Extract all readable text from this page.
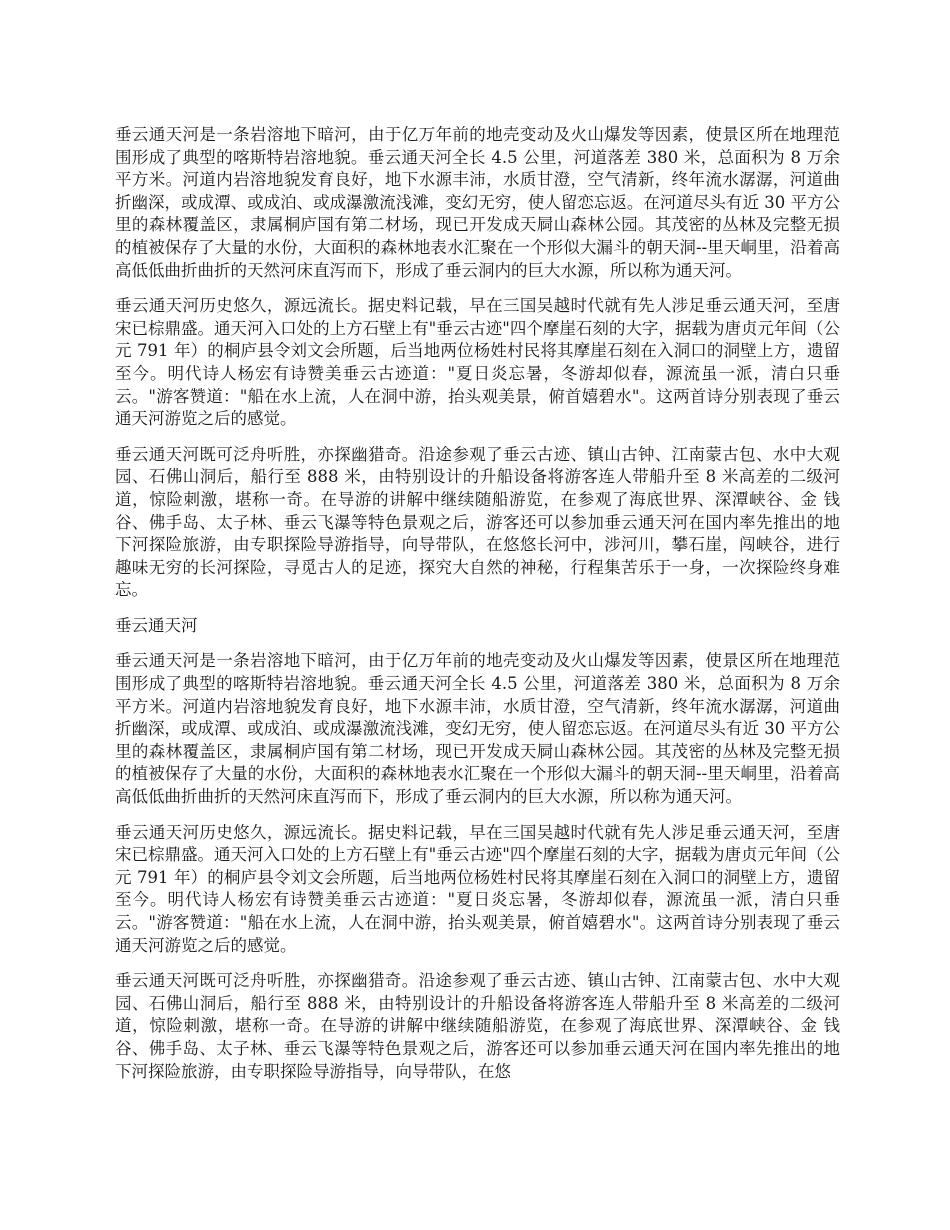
垂云通天河是一条岩溶地下暗河，由于亿万年前的地壳变动及火山爆发等因素，使景区所在地理范围形成了典型的喀斯特岩溶地貌。垂云通天河全长 4.5 公里，河道落差 380 米，总面积为 8 万余平方米。河道内岩溶地貌发育良好，地下水源丰沛，水质甘澄，空气清新，终年流水潺潺，河道曲折幽深，或成潭、或成泊、或成瀑激流浅滩，变幻无穷，使人留恋忘返。在河道尽头有近 30 平方公里的森林覆盖区，隶属桐庐国有第二材场，现已开发成天屙山森林公园。其茂密的丛林及完整无损的植被保存了大量的水份，大面积的森林地表水汇聚在一个形似大漏斗的朝天洞--里天峒里，沿着高高低低曲折曲折的天然河床直泻而下，形成了垂云洞内的巨大水源，所以称为通天河。

垂云通天河历史悠久，源远流长。据史料记载，早在三国吴越时代就有先人涉足垂云通天河，至唐宋已棕鼎盛。通天河入口处的上方石壁上有"垂云古迹"四个摩崖石刻的大字，据载为唐贞元年间（公元 791 年）的桐庐县令刘文会所题，后当地两位杨姓村民将其摩崖石刻在入洞口的洞壁上方，遗留至今。明代诗人杨宏有诗赞美垂云古迹道："夏日炎忘暑，冬游却似春，源流虽一派，清白只垂云。"游客赞道："船在水上流，人在洞中游，抬头观美景，俯首嬉碧水"。这两首诗分别表现了垂云通天河游览之后的感觉。

垂云通天河既可泛舟听胜，亦探幽猎奇。沿途参观了垂云古迹、镇山古钟、江南蒙古包、水中大观园、石佛山洞后，船行至 888 米，由特别设计的升船设备将游客连人带船升至 8 米高差的二级河道，惊险刺激，堪称一奇。在导游的讲解中继续随船游览，在参观了海底世界、深潭峡谷、金 钱谷、佛手岛、太子林、垂云飞瀑等特色景观之后，游客还可以参加垂云通天河在国内率先推出的地下河探险旅游，由专职探险导游指导，向导带队，在悠悠长河中，涉河川，攀石崖，闯峡谷，进行趣味无穷的长河探险，寻觅古人的足迹，探究大自然的神秘，行程集苦乐于一身，一次探险终身难忘。

垂云通天河

垂云通天河是一条岩溶地下暗河，由于亿万年前的地壳变动及火山爆发等因素，使景区所在地理范围形成了典型的喀斯特岩溶地貌。垂云通天河全长 4.5 公里，河道落差 380 米，总面积为 8 万余平方米。河道内岩溶地貌发育良好，地下水源丰沛，水质甘澄，空气清新，终年流水潺潺，河道曲折幽深，或成潭、或成泊、或成瀑激流浅滩，变幻无穷，使人留恋忘返。在河道尽头有近 30 平方公里的森林覆盖区，隶属桐庐国有第二材场，现已开发成天屙山森林公园。其茂密的丛林及完整无损的植被保存了大量的水份，大面积的森林地表水汇聚在一个形似大漏斗的朝天洞--里天峒里，沿着高高低低曲折曲折的天然河床直泻而下，形成了垂云洞内的巨大水源，所以称为通天河。

垂云通天河历史悠久，源远流长。据史料记载，早在三国吴越时代就有先人涉足垂云通天河，至唐宋已棕鼎盛。通天河入口处的上方石壁上有"垂云古迹"四个摩崖石刻的大字，据载为唐贞元年间（公元 791 年）的桐庐县令刘文会所题，后当地两位杨姓村民将其摩崖石刻在入洞口的洞壁上方，遗留至今。明代诗人杨宏有诗赞美垂云古迹道："夏日炎忘暑，冬游却似春，源流虽一派，清白只垂云。"游客赞道："船在水上流，人在洞中游，抬头观美景，俯首嬉碧水"。这两首诗分别表现了垂云通天河游览之后的感觉。

垂云通天河既可泛舟听胜，亦探幽猎奇。沿途参观了垂云古迹、镇山古钟、江南蒙古包、水中大观园、石佛山洞后，船行至 888 米，由特别设计的升船设备将游客连人带船升至 8 米高差的二级河道，惊险刺激，堪称一奇。在导游的讲解中继续随船游览，在参观了海底世界、深潭峡谷、金 钱谷、佛手岛、太子林、垂云飞瀑等特色景观之后，游客还可以参加垂云通天河在国内率先推出的地下河探险旅游，由专职探险导游指导，向导带队，在悠
